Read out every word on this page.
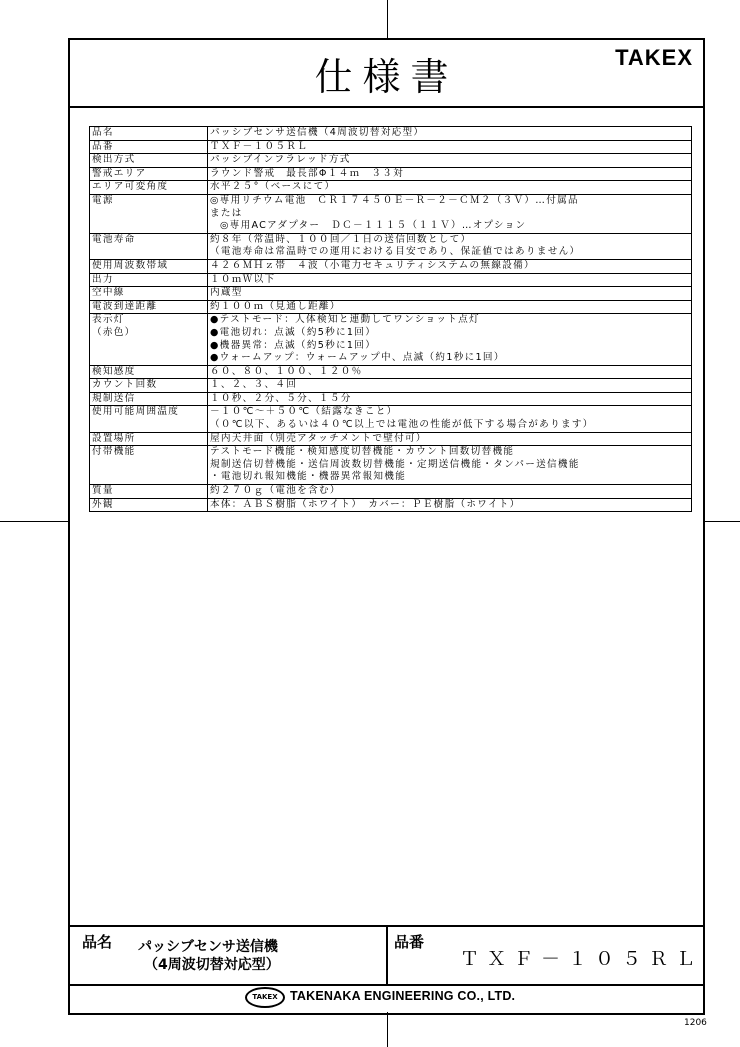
仕様書	TAKEX
品名	パッシブセンサ送信機（4周波切替対応型）

品番	ＴＸＦ－１０５ＲＬ

検出方式	パッシブインフラレッド方式

警戒エリア	ラウンド警戒　最長部Φ１４ｍ　３３対

エリア可変角度	水平２５°（ベースにて）

電源	◎専用リチウム電池　ＣＲ１７４５０Ｅ－Ｒ－２－ＣＭ２（３Ｖ）…付属品
または
◎専用ACアダプター　ＤＣ－１１１５（１１Ｖ）…オプション

電池寿命	約８年（常温時、１００回／１日の送信回数として）
（電池寿命は常温時での運用における目安であり、保証値ではありません）

使用周波数帯域	４２６ＭＨｚ帯　４波（小電力セキュリティシステムの無線設備）

出力	１０ｍＷ以下

空中線	内蔵型

電波到達距離	約１００ｍ（見通し距離）

表示灯
（赤色）	●テストモード：人体検知と連動してワンショット点灯
●電池切れ：点滅（約5秒に1回）
●機器異常：点滅（約5秒に1回）
●ウォームアップ：ウォームアップ中、点滅（約1秒に1回）

検知感度	６０、８０、１００、１２０％

カウント回数	１、２、３、４回

規制送信	１０秒、２分、５分、１５分

使用可能周囲温度	－１０℃～＋５０℃（結露なきこと）
（０℃以下、あるいは４０℃以上では電池の性能が低下する場合があります）

設置場所	屋内天井面（別売アタッチメントで壁付可）

付帯機能	テストモード機能・検知感度切替機能・カウント回数切替機能
規制送信切替機能・送信周波数切替機能・定期送信機能・タンパー送信機能
・電池切れ報知機能・機器異常報知機能

質量	約２７０ｇ（電池を含む）

外観	本体：ＡＢＳ樹脂（ホワイト）　カバー：ＰＥ樹脂（ホワイト）
品名 パッシブセンサ送信機
（4周波切替対応型）
品番
ＴＸＦ－１０５ＲＬ
TAKEX TAKENAKA ENGINEERING CO., LTD.
1206
